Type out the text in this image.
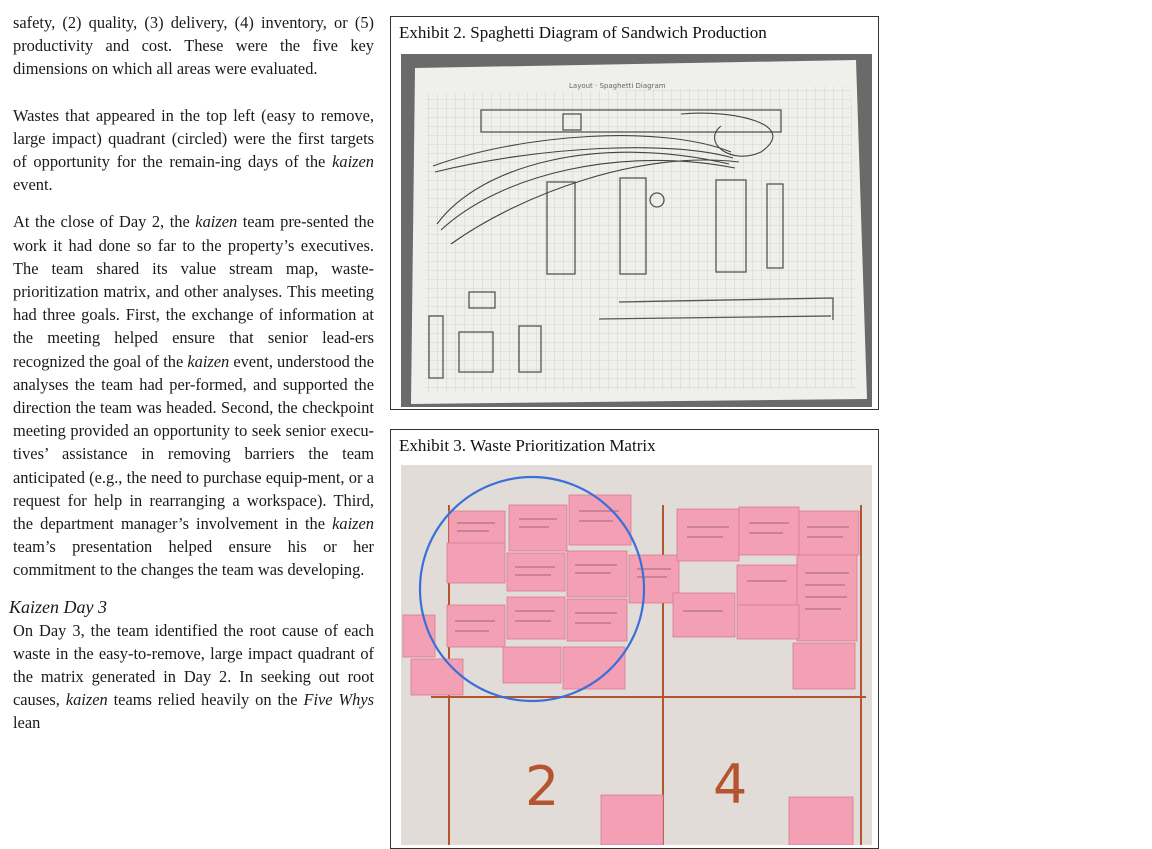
safety, (2) quality, (3) delivery, (4) inventory, or (5) productivity and cost. These were the five key dimensions on which all areas were evaluated.

Wastes that appeared in the top left (easy to remove, large impact) quadrant (circled) were the first targets of opportunity for the remain-ing days of the kaizen event.

At the close of Day 2, the kaizen team pre-sented the work it had done so far to the property’s executives. The team shared its value stream map, waste-prioritization matrix, and other analyses. This meeting had three goals. First, the exchange of information at the meeting helped ensure that senior lead-ers recognized the goal of the kaizen event, understood the analyses the team had per-formed, and supported the direction the team was headed. Second, the checkpoint meeting provided an opportunity to seek senior execu-tives’ assistance in removing barriers the team anticipated (e.g., the need to purchase equip-ment, or a request for help in rearranging a workspace). Third, the department manager’s involvement in the kaizen team’s presentation helped ensure his or her commitment to the changes the team was developing.

Kaizen Day 3

On Day 3, the team identified the root cause of each waste in the easy-to-remove, large impact quadrant of the matrix generated in Day 2. In seeking out root causes, kaizen teams relied heavily on the Five Whys lean

Exhibit 2. Spaghetti Diagram of Sandwich Production
Layout · Spaghetti Diagram
Exhibit 3. Waste Prioritization Matrix
2	4
